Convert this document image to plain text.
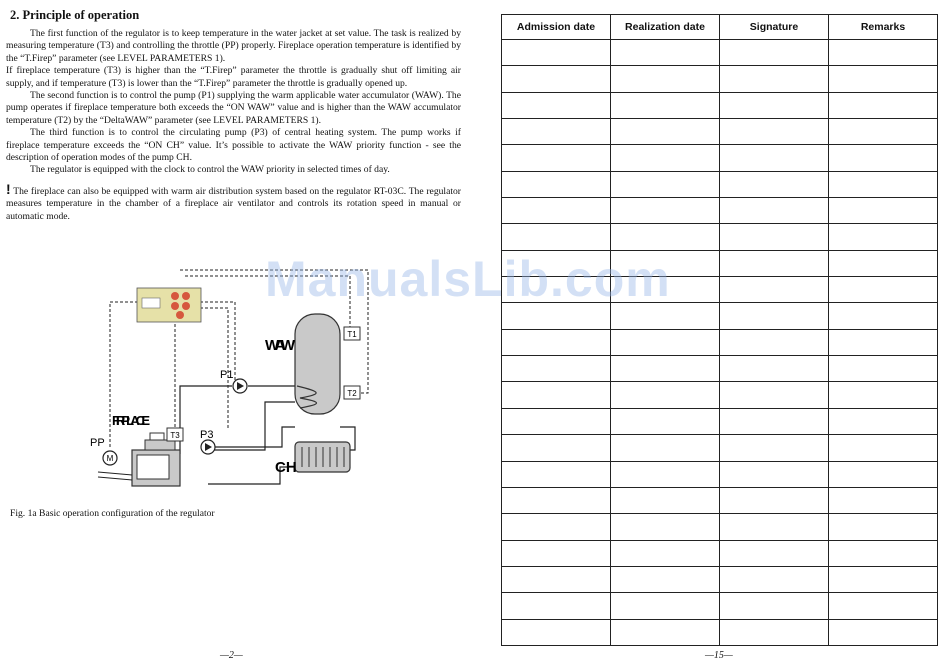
2. Principle of operation

The first function of the regulator is to keep temperature in the water jacket at set value. The task is realized by measuring temperature (T3) and controlling the throttle (PP) properly. Fireplace operation temperature is identified by the “T.Firep” parameter (see LEVEL PARAMETERS 1).

If fireplace temperature (T3) is higher than the “T.Firep” parameter the throttle is gradually shut off limiting air supply, and if temperature (T3) is lower than the “T.Firep” parameter the throttle is gradually opened up.

The second function is to control the pump (P1) supplying the warm applicable water accumulator (WAW). The pump operates if fireplace temperature both exceeds the “ON WAW” value and is higher than the WAW accumulator temperature (T2) by the “DeltaWAW” parameter (see LEVEL PARAMETERS 1).

The third function is to control the circulating pump (P3) of central heating system. The pump works if fireplace temperature exceeds the “ON CH” value. It’s possible to activate the WAW priority function - see the description of operation modes of the pump CH.

The regulator is equipped with the clock to control the WAW priority in selected times of day.

! The fireplace can also be equipped with warm air distribution system based on the regulator RT-03C. The regulator measures temperature in the chamber of a fireplace air ventilator and controls its rotation speed in manual or automatic mode.

T1
T2
WAW
P1
T3
FIRPLACE
M
PP
P3
CH

Fig. 1a Basic operation configuration of the regulator

—2—
Admission date	Realization date	Signature	Remarks

—15—
ManualsLib.com
